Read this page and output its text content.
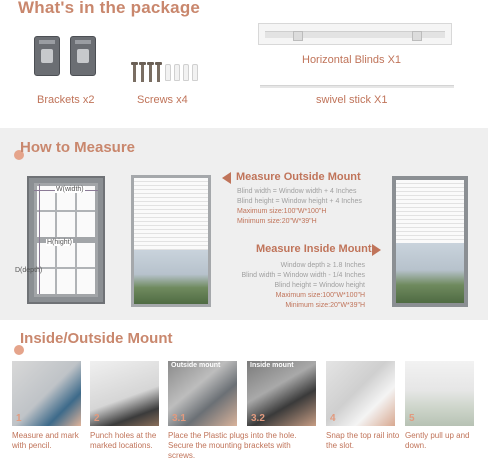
What's in the package
Brackets x2	Screws x4
Horizontal Blinds X1
swivel stick X1
How to Measure
W(width)
H(hight)
D(depth)
Measure Outside Mount
Blind width = Window width + 4 Inches
Blind height = Window height + 4 Inches
Maximum size:100"W*100"H
Minimum size:20"W*39"H
Measure Inside Mount
Window depth ≥ 1.8 Inches
Blind width = Window width - 1/4 Inches
Blind height = Window height
Maximum size:100"W*100"H
Minimum size:20"W*39"H
Inside/Outside Mount
1	2
Outside mount
3.1
Inside mount
3.2	4	5
Measure and mark with pencil.
Punch holes at the marked locations.
Place the Plastic plugs into the hole. Secure the mounting brackets with screws.
Snap the top rail into the slot.
Gently pull up and down.
